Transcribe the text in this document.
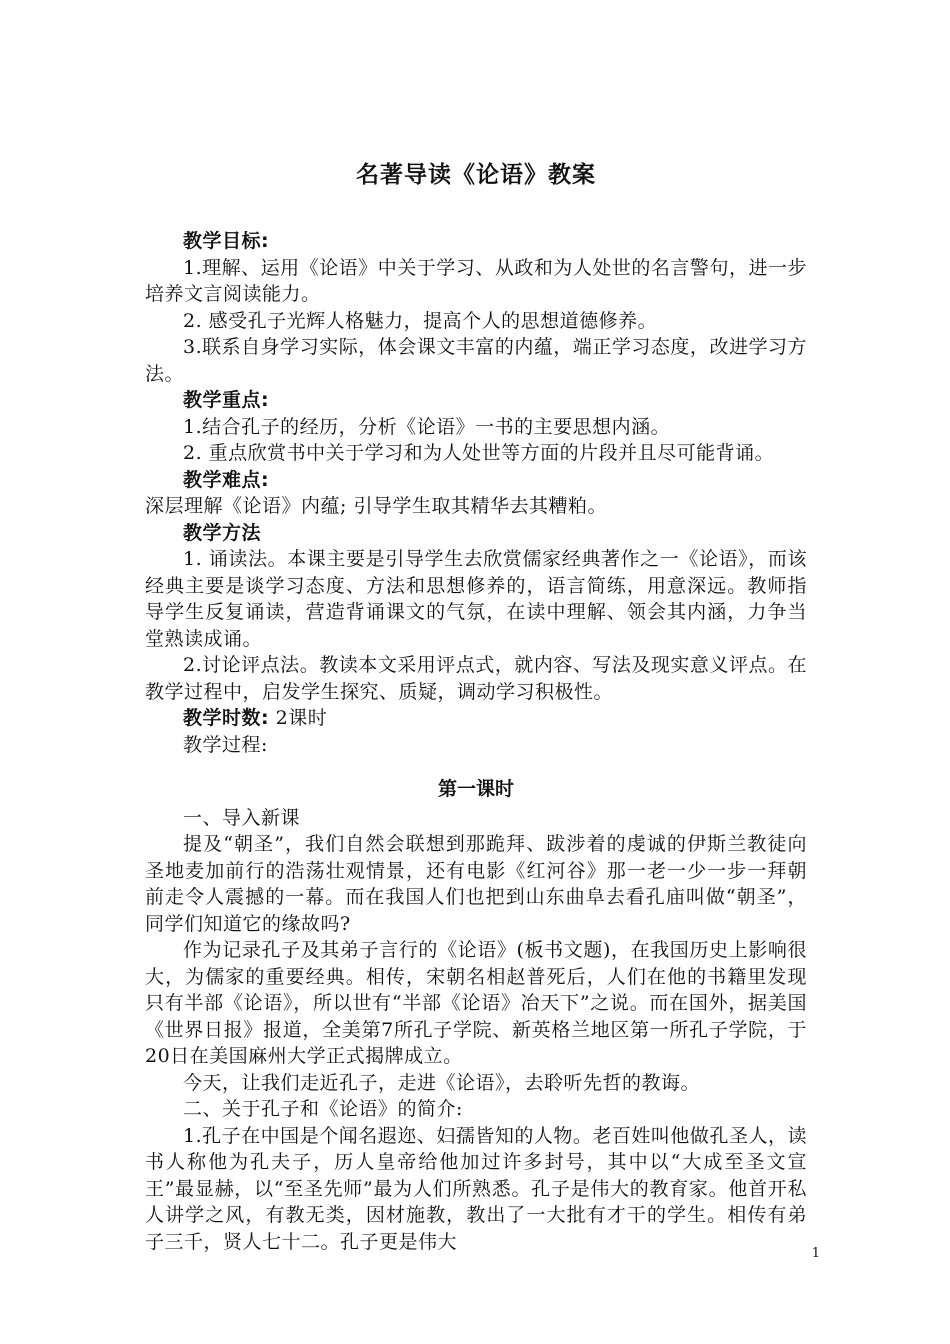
名著导读《论语》教案
教学目标:
1.理解、运用《论语》中关于学习、从政和为人处世的名言警句，进一步培养文言阅读能力。
2. 感受孔子光辉人格魅力，提高个人的思想道德修养。
3.联系自身学习实际，体会课文丰富的内蕴，端正学习态度，改进学习方法。
教学重点:
1.结合孔子的经历，分析《论语》一书的主要思想内涵。
2. 重点欣赏书中关于学习和为人处世等方面的片段并且尽可能背诵。
教学难点:
深层理解《论语》内蕴; 引导学生取其精华去其糟粕。
教学方法
1. 诵读法。本课主要是引导学生去欣赏儒家经典著作之一《论语》，而该经典主要是谈学习态度、方法和思想修养的，语言简练，用意深远。教师指导学生反复诵读，营造背诵课文的气氛，在读中理解、领会其内涵，力争当堂熟读成诵。
2.讨论评点法。教读本文采用评点式，就内容、写法及现实意义评点。在教学过程中，启发学生探究、质疑，调动学习积极性。
教学时数: 2课时
教学过程:
第一课时
一、导入新课
提及“朝圣”，我们自然会联想到那跪拜、跋涉着的虔诚的伊斯兰教徒向圣地麦加前行的浩荡壮观情景，还有电影《红河谷》那一老一少一步一拜朝前走令人震撼的一幕。而在我国人们也把到山东曲阜去看孔庙叫做“朝圣”， 同学们知道它的缘故吗?
作为记录孔子及其弟子言行的《论语》(板书文题)，在我国历史上影响很大，为儒家的重要经典。相传，宋朝名相赵普死后，人们在他的书籍里发现只有半部《论语》，所以世有“半部《论语》冶天下”之说。而在国外，据美国《世界日报》报道，全美第7所孔子学院、新英格兰地区第一所孔子学院，于20日在美国麻州大学正式揭牌成立。
今天，让我们走近孔子，走进《论语》，去聆听先哲的教诲。
二、关于孔子和《论语》的简介:
1.孔子在中国是个闻名遐迩、妇孺皆知的人物。老百姓叫他做孔圣人，读书人称他为孔夫子，历人皇帝给他加过许多封号，其中以“大成至圣文宣王”最显赫，以“至圣先师”最为人们所熟悉。孔子是伟大的教育家。他首开私人讲学之风，有教无类，因材施教，教出了一大批有才干的学生。相传有弟子三千，贤人七十二。孔子更是伟大
1
